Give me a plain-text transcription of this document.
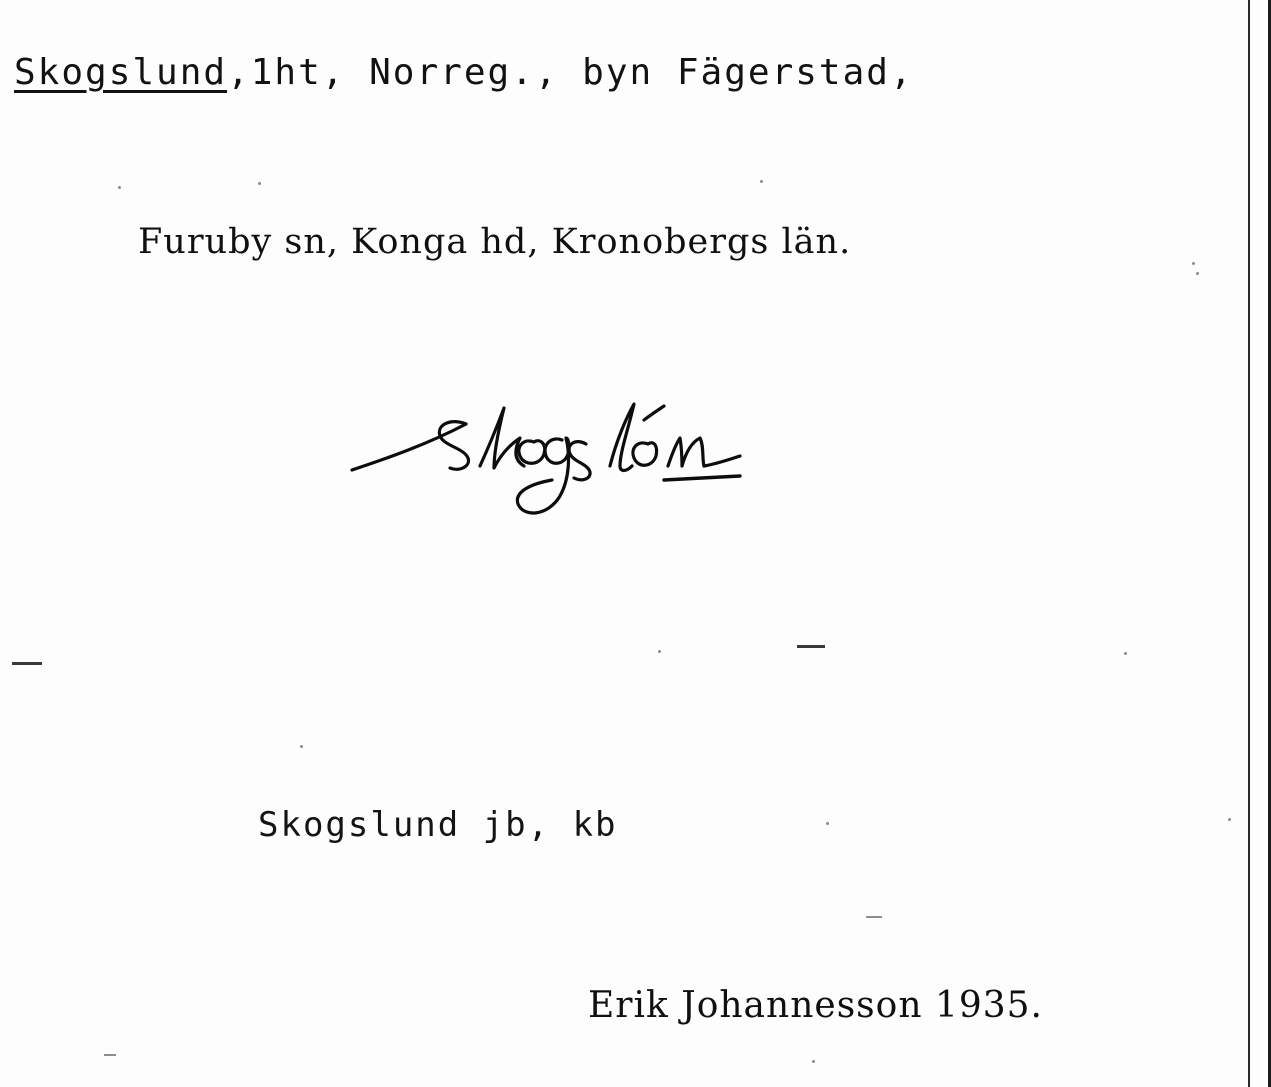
Skogslund,1ht, Norreg., byn Fägerstad,
Furuby sn, Konga hd, Kronobergs län.
Skogslund jb, kb
Erik Johannesson 1935.
